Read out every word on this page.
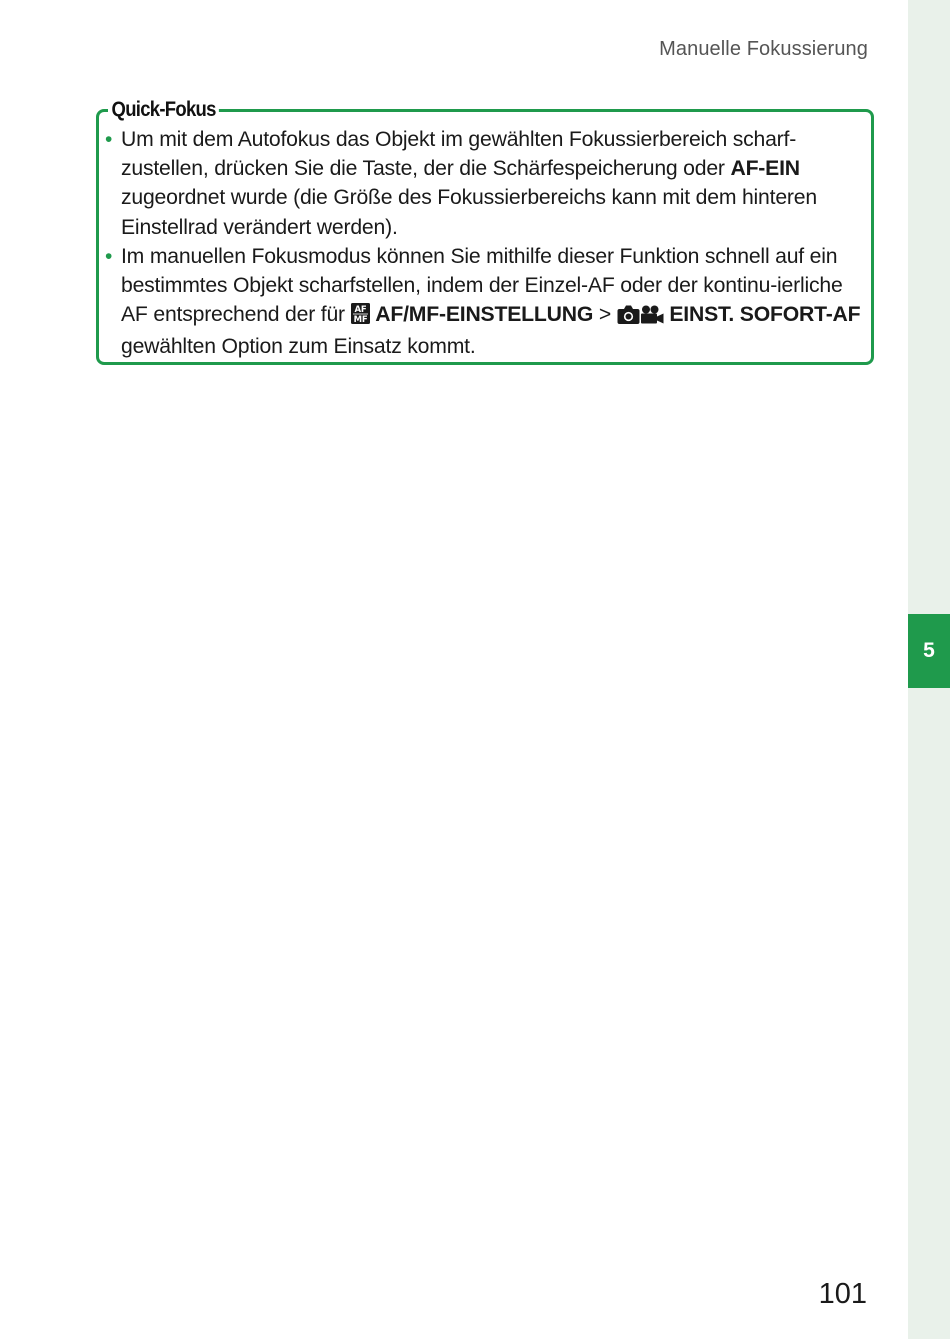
5
Manuelle Fokussierung
Quick-Fokus
• Um mit dem Autofokus das Objekt im gewählten Fokussierbereich scharf-zustellen, drücken Sie die Taste, der die Schärfespeicherung oder AF-EIN zugeordnet wurde (die Größe des Fokussierbereichs kann mit dem hinteren Einstellrad verändert werden).
• Im manuellen Fokusmodus können Sie mithilfe dieser Funktion schnell auf ein bestimmtes Objekt scharfstellen, indem der Einzel-AF oder der kontinu-ierliche AF entsprechend der für AF
MF AF/MF-EINSTELLUNG >  EINST. SOFORT-AF gewählten Option zum Einsatz kommt.
101
